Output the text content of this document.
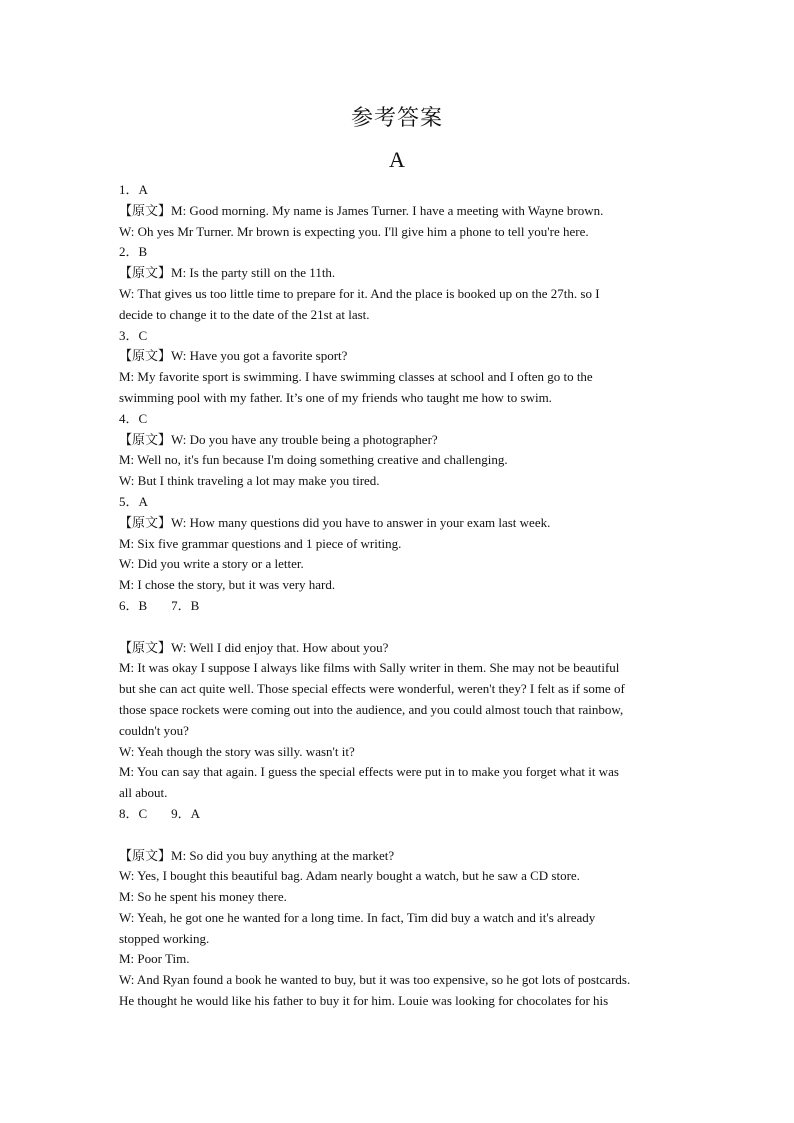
参考答案
A
1．A
【原文】M: Good morning. My name is James Turner. I have a meeting with Wayne brown.
W: Oh yes Mr Turner. Mr brown is expecting you. I'll give him a phone to tell you're here.
2．B
【原文】M: Is the party still on the 11th.
W: That gives us too little time to prepare for it. And the place is booked up on the 27th. so I
decide to change it to the date of the 21st at last.
3．C
【原文】W: Have you got a favorite sport?
M: My favorite sport is swimming. I have swimming classes at school and I often go to the
swimming pool with my father. It’s one of my friends who taught me how to swim.
4．C
【原文】W: Do you have any trouble being a photographer?
M: Well no, it's fun because I'm doing something creative and challenging.
W: But I think traveling a lot may make you tired.
5．A
【原文】W: How many questions did you have to answer in your exam last week.
M: Six five grammar questions and 1 piece of writing.
W: Did you write a story or a letter.
M: I chose the story, but it was very hard.
6．B 7．B
【原文】W: Well I did enjoy that. How about you?
M: It was okay I suppose I always like films with Sally writer in them. She may not be beautiful
but she can act quite well. Those special effects were wonderful, weren't they? I felt as if some of
those space rockets were coming out into the audience, and you could almost touch that rainbow,
couldn't you?
W: Yeah though the story was silly. wasn't it?
M: You can say that again. I guess the special effects were put in to make you forget what it was
all about.
8．C 9．A
【原文】M: So did you buy anything at the market?
W: Yes, I bought this beautiful bag. Adam nearly bought a watch, but he saw a CD store.
M: So he spent his money there.
W: Yeah, he got one he wanted for a long time. In fact, Tim did buy a watch and it's already
stopped working.
M: Poor Tim.
W: And Ryan found a book he wanted to buy, but it was too expensive, so he got lots of postcards.
He thought he would like his father to buy it for him. Louie was looking for chocolates for his
